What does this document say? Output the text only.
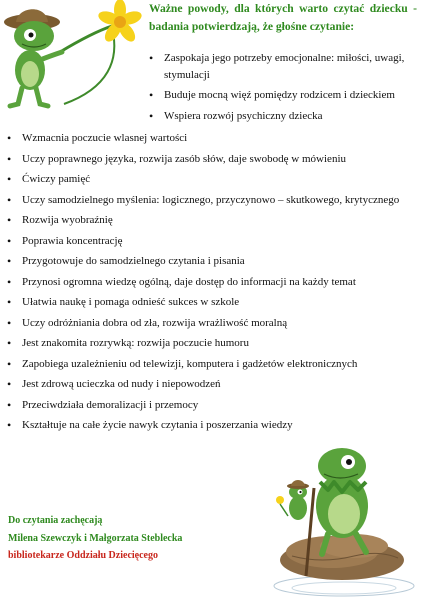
Ważne powody, dla których warto czytać dziecku - badania potwierdzają, że głośne czytanie:
• Zaspokaja jego potrzeby emocjonalne: miłości, uwagi, stymulacji
• Buduje mocną więź pomiędzy rodzicem i dzieckiem
• Wspiera rozwój psychiczny dziecka
• Wzmacnia poczucie wlasnej wartości
• Uczy poprawnego języka, rozwija zasób słów, daje swobodę w mówieniu
• Ćwiczy pamięć
• Uczy samodzielnego myślenia: logicznego, przyczynowo – skutkowego, krytycznego
• Rozwija wyobraźnię
• Poprawia koncentrację
• Przygotowuje do samodzielnego czytania i pisania
• Przynosi ogromna wiedzę ogólną, daje dostęp do informacji na każdy temat
• Ułatwia naukę i pomaga odnieść sukces w szkole
• Uczy odróżniania dobra od zła, rozwija wrażliwość moralną
• Jest znakomita rozrywką: rozwija poczucie humoru
• Zapobiega uzależnieniu od telewizji, komputera i gadżetów elektronicznych
• Jest zdrową ucieczka od nudy i niepowodzeń
• Przeciwdziała demoralizacji i przemocy
• Kształtuje na całe życie nawyk czytania i poszerzania wiedzy
Do czytania zachęcają
Milena Szewczyk i Małgorzata Steblecka
bibliotekarze Oddziału Dziecięcego
